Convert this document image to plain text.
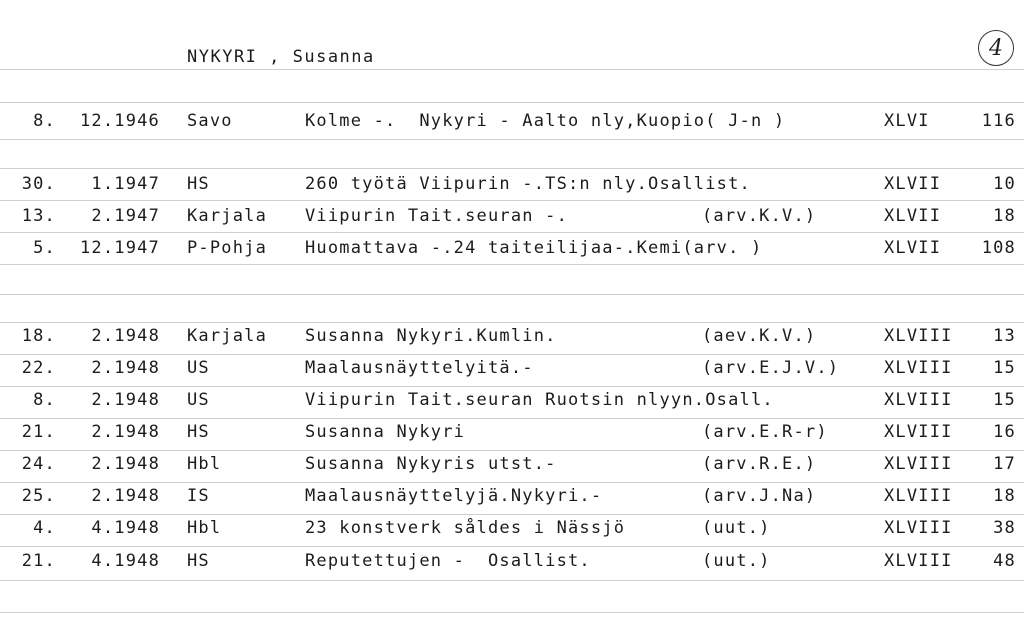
NYKYRI , Susanna	4
8.	12.1946 Savo	Kolme -.  Nykyri - Aalto nly,Kuopio( J-n )	XLVI	116
30.	1.1947 HS	260 työtä Viipurin -.TS:n nly.Osallist.	XLVII	10
13.	2.1947 Karjala	Viipurin Tait.seuran -.	(arv.K.V.)	XLVII	18
5.	12.1947 P-Pohja	Huomattava -.24 taiteilijaa-.Kemi(arv. )	XLVII	108
18.	2.1948 Karjala	Susanna Nykyri.Kumlin.	(aev.K.V.)	XLVIII	13
22.	2.1948 US	Maalausnäyttelyitä.-	(arv.E.J.V.)	XLVIII	15
8.	2.1948 US	Viipurin Tait.seuran Ruotsin nlyyn.Osall.	XLVIII	15
21.	2.1948 HS	Susanna Nykyri	(arv.E.R-r)	XLVIII	16
24.	2.1948 Hbl	Susanna Nykyris utst.-	(arv.R.E.)	XLVIII	17
25.	2.1948 IS	Maalausnäyttelyjä.Nykyri.-	(arv.J.Na)	XLVIII	18
4.	4.1948 Hbl	23 konstverk såldes i Nässjö	(uut.)	XLVIII	38
21.	4.1948 HS	Reputettujen -  Osallist.	(uut.)	XLVIII	48
